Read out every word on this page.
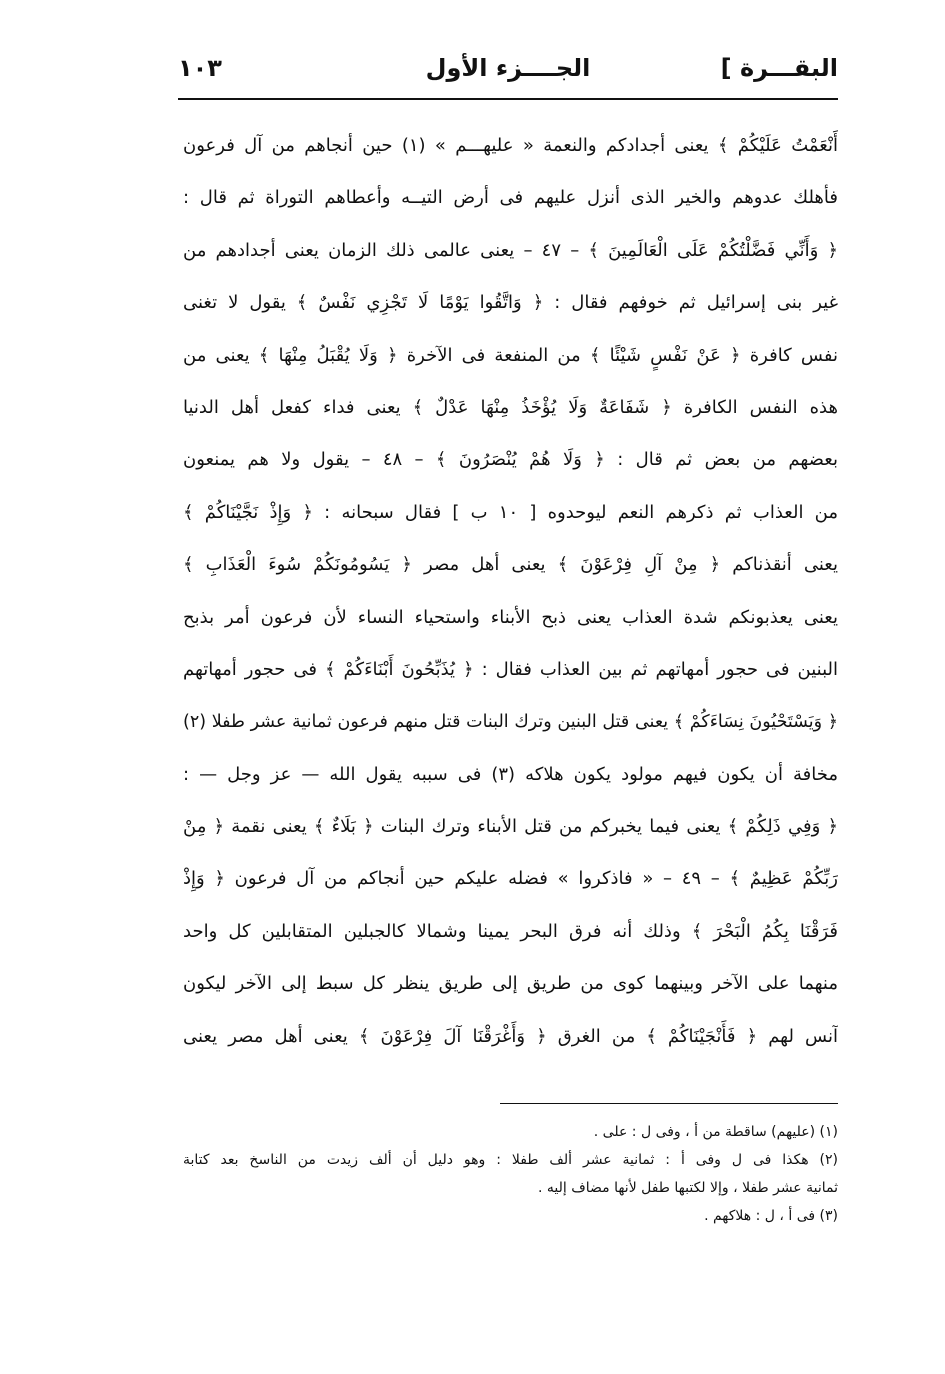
البقـــرة ]
الجــــزء الأول
١٠٣
أَنْعَمْتُ عَلَيْكُمْ ﴾ يعنى أجدادكم والنعمة « عليهـــم » (١) حين أنجاهم من آل فرعون
فأهلك عدوهم والخير الذى أنزل عليهم فى أرض التيــه وأعطاهم التوراة ثم قال :
﴿ وَأَنِّي فَضَّلْتُكُمْ عَلَى الْعَالَمِينَ ﴾ – ٤٧ – يعنى عالمى ذلك الزمان يعنى أجدادهم من
غير بنى إسرائيل ثم خوفهم فقال : ﴿ وَاتَّقُوا يَوْمًا لَا تَجْزِي نَفْسٌ ﴾ يقول لا تغنى
نفس كافرة ﴿ عَنْ نَفْسٍ شَيْئًا ﴾ من المنفعة فى الآخرة ﴿ وَلَا يُقْبَلُ مِنْهَا ﴾ يعنى من
هذه النفس الكافرة ﴿ شَفَاعَةٌ وَلَا يُؤْخَذُ مِنْهَا عَدْلٌ ﴾ يعنى فداء كفعل أهل الدنيا
بعضهم من بعض ثم قال : ﴿ وَلَا هُمْ يُنْصَرُونَ ﴾ – ٤٨ – يقول ولا هم يمنعون
من العذاب ثم ذكرهم النعم ليوحدوه [ ١٠ ب ] فقال سبحانه : ﴿ وَإِذْ نَجَّيْنَاكُمْ ﴾
يعنى أنقذناكم ﴿ مِنْ آلِ فِرْعَوْنَ ﴾ يعنى أهل مصر ﴿ يَسُومُونَكُمْ سُوءَ الْعَذَابِ ﴾
يعنى يعذبونكم شدة العذاب يعنى ذبح الأبناء واستحياء النساء لأن فرعون أمر بذبح
البنين فى حجور أمهاتهم ثم بين العذاب فقال : ﴿ يُذَبِّحُونَ أَبْنَاءَكُمْ ﴾ فى حجور أمهاتهم
﴿ وَيَسْتَحْيُونَ نِسَاءَكُمْ ﴾ يعنى قتل البنين وترك البنات قتل منهم فرعون ثمانية عشر طفلا (٢)
مخافة أن يكون فيهم مولود يكون هلاكه (٣) فى سببه يقول الله — عز وجل — :
﴿ وَفِي ذَلِكُمْ ﴾ يعنى فيما يخبركم من قتل الأبناء وترك البنات ﴿ بَلَاءٌ ﴾ يعنى نقمة ﴿ مِنْ
رَبِّكُمْ عَظِيمٌ ﴾ – ٤٩ – « فاذكروا » فضله عليكم حين أنجاكم من آل فرعون ﴿ وَإِذْ
فَرَقْنَا بِكُمُ الْبَحْرَ ﴾ وذلك أنه فرق البحر يمينا وشمالا كالجبلين المتقابلين كل واحد
منهما على الآخر وبينهما كوى من طريق إلى طريق ينظر كل سبط إلى الآخر ليكون
آنس لهم ﴿ فَأَنْجَيْنَاكُمْ ﴾ من الغرق ﴿ وَأَغْرَقْنَا آلَ فِرْعَوْنَ ﴾ يعنى أهل مصر يعنى
(١) (عليهم) ساقطة من أ ، وفى ل : على .
(٢) هكذا فى ل وفى أ : ثمانية عشر ألف طفلا : وهو دليل أن ألف زيدت من الناسخ بعد كتابة
ثمانية عشر طفلا ، وإلا لكتبها طفل لأنها مضاف إليه .
(٣) فى أ ، ل : هلاكهم .
